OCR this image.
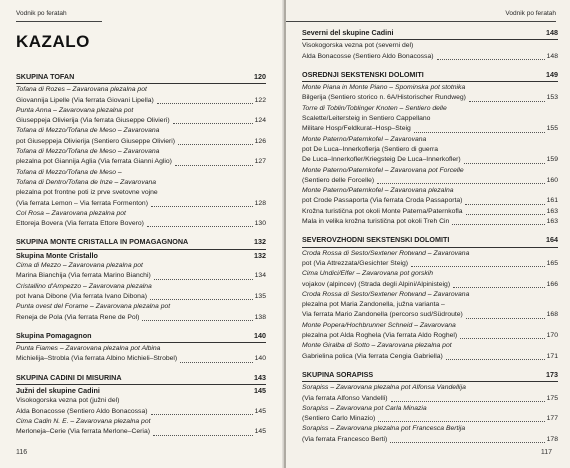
Vodnik po feratah
KAZALO
SKUPINA TOFAN	120
Tofana di Rozes – Zavarovana plezalna pot
Giovannija Lipelle (Via ferrata Giovani Lipella)	122
Punta Anna – Zavarovana plezalna pot
Giuseppeja Olivierija (Via ferrata Giuseppe Olivieri)	124
Tofana di Mezzo/Tofana de Meso – Zavarovana
pot Giuseppeja Olivierija (Sentiero Giuseppe Olivieri)	126
Tofana di Mezzo/Tofana de Meso – Zavarovana
plezalna pot Giannija Aglia (Via ferrata Gianni Aglio)	127
Tofana di Mezzo/Tofana de Meso –
Tofana di Dentro/Tofana de Inze – Zavarovana
plezalna pot frontne poti iz prve svetovne vojne
(Via ferrata Lemon – Via ferrata Formenton)	128
Col Rosa – Zavarovana plezalna pot
Ettoreja Bovera (Via ferrata Ettore Bovero)	130
SKUPINA MONTE CRISTALLA IN POMAGAGNONA	132
Skupina Monte Cristallo	132
Cima di Mezzo – Zavarovana plezalna pot
Marina Bianchija (Via ferrata Marino Bianchi)	134
Cristallino d'Ampezzo – Zavarovana plezalna
pot Ivana Dibone (Via ferrata Ivano Dibona)	135
Punta ovest del Forame – Zavarovana plezalna pot
Reneja de Pola (Via ferrata Rene de Pol)	138
Skupina Pomagagnon	140
Punta Fiames – Zavarovana plezalna pot Albina
Michielija–Strobla (Via ferrata Albino Michieli–Strobel)	140
SKUPINA CADINI DI MISURINA	143
Južni del skupine Cadini	145
Visokogorska vezna pot (južni del)
Alda Bonacosse (Sentiero Aldo Bonacossa)	145
Cima Cadin N. E. – Zavarovana plezalna pot
Merloneja–Cerie (Via ferrata Merlone–Ceria)	145
116
Vodnik po feratah
Severni del skupine Cadini	148
Visokogorska vezna pot (severni del)
Alda Bonacosse (Sentiero Aldo Bonacossa)	148
OSREDNJI SEKSTENSKI DOLOMITI	149
Monte Piana in Monte Piano – Spominska pot stotnika
Bilgerija (Sentiero storico n. 6A/Historischer Rundweg)	153
Torre di Toblin/Toblinger Knoten – Sentiero delle
Scalette/Leitersteig in Sentiero Cappellano
Militare Hosp/Feldkurat–Hosp–Steig	155
Monte Paterno/Paternkofel – Zavarovana
pot De Luca–Innerkoflerja (Sentiero di guerra
De Luca–Innerkofler/Kriegsteig De Luca–Innerkofler)	159
Monte Paterno/Paternkofel – Zavarovana pot Forcelle
(Sentiero delle Forcelle)	160
Monte Paterno/Paternkofel – Zavarovana plezalna
pot Crode Passaporta (Via ferrata Croda Passaporta)	161
Krožna turistična pot okoli Monte Paterna/Paternkofla	163
Mala in velika krožna turistična pot okoli Treh Cin	163
SEVEROVZHODNI SEKSTENSKI DOLOMITI	164
Croda Rossa di Sesto/Sextener Rotwand – Zavarovana
pot (Via Attrezzata/Gesichter Steig)	165
Cima Undici/Elfer – Zavarovana pot gorskih
vojakov (alpincev) (Strada degli Alpini/Alpinisteig)	166
Croda Rossa di Sesto/Sextener Rotwand – Zavarovana
plezalna pot Maria Zandonella, južna varianta –
Via ferrata Mario Zandonella (percorso sud/Südroute)	168
Monte Popera/Hochbrunner Schneid – Zavarovana
plezalna pot Alda Roghela (Via ferrata Aldo Roghel)	170
Monte Giralba di Sotto – Zavarovana plezalna pot
Gabrielina polica (Via ferrata Cengia Gabriella)	171
SKUPINA SORAPISS	173
Sorapiss – Zavarovana plezalna pot Alfonsa Vandellija
(Via ferrata Alfonso Vandelli)	175
Sorapiss – Zavarovana pot Carla Minazia
(Sentiero Carlo Minazio)	177
Sorapiss – Zavarovana plezalna pot Francesca Bertija
(Via ferrata Francesco Berti)	178
117
